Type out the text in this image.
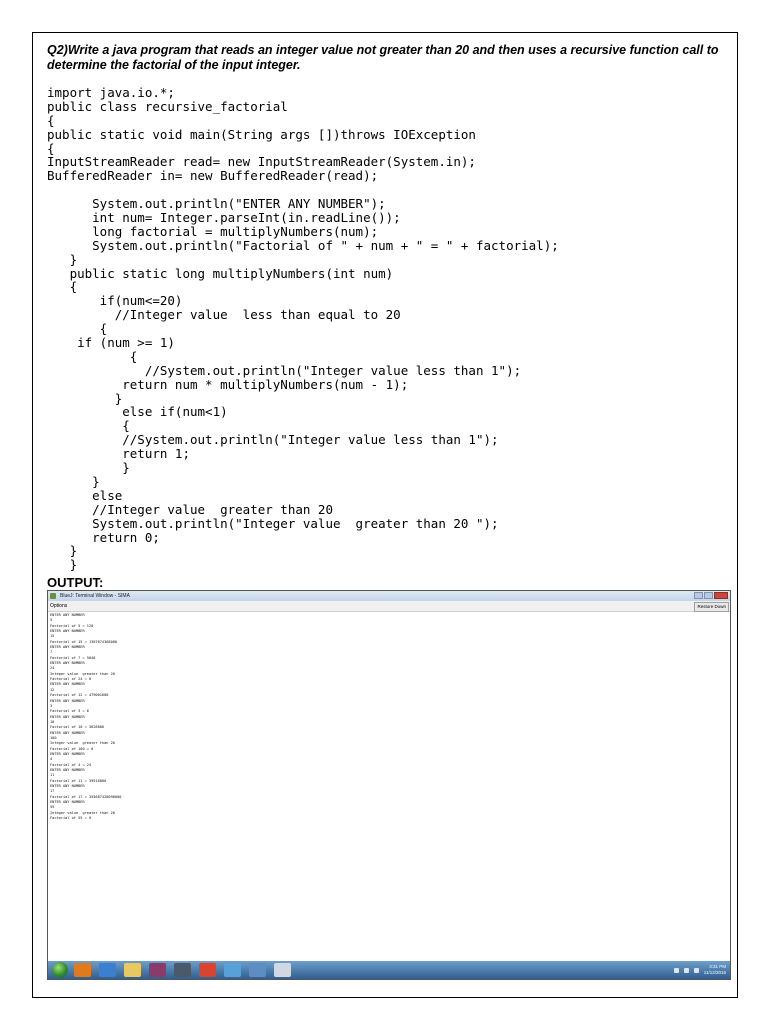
Q2)Write a java program that reads an integer value not greater than 20 and then uses a recursive function call to determine the factorial of the input integer.
import java.io.*;
public class recursive_factorial
{
public static void main(String args [])throws IOException
{
InputStreamReader read= new InputStreamReader(System.in);
BufferedReader in= new BufferedReader(read);
System.out.println("ENTER ANY NUMBER");
int num= Integer.parseInt(in.readLine());
long factorial = multiplyNumbers(num);
System.out.println("Factorial of " + num + " = " + factorial);
}
public static long multiplyNumbers(int num)
{
if(num<=20)
//Integer value  less than equal to 20
{
if (num >= 1)
{
//System.out.println("Integer value less than 1");
return num * multiplyNumbers(num - 1);
}
else if(num<1)
{
//System.out.println("Integer value less than 1");
return 1;
}
}
else
//Integer value  greater than 20
System.out.println("Integer value  greater than 20 ");
return 0;
}
}
OUTPUT:
BlueJ: Terminal Window - SIMA
Options	Restore Down
ENTER ANY NUMBER
5
Factorial of 5 = 120
ENTER ANY NUMBER
15
Factorial of 15 = 1307674368000
ENTER ANY NUMBER
7
Factorial of 7 = 5040
ENTER ANY NUMBER
24
Integer value  greater than 20
Factorial of 24 = 0
ENTER ANY NUMBER
12
Factorial of 12 = 479001600
ENTER ANY NUMBER
3
Factorial of 3 = 6
ENTER ANY NUMBER
10
Factorial of 10 = 3628800
ENTER ANY NUMBER
100
Integer value  greater than 20
Factorial of 100 = 0
ENTER ANY NUMBER
4
Factorial of 4 = 24
ENTER ANY NUMBER
11
Factorial of 11 = 39916800
ENTER ANY NUMBER
17
Factorial of 17 = 355687428096000
ENTER ANY NUMBER
55
Integer value  greater than 20
Factorial of 55 = 0
3:31 PM
11/12/2016
